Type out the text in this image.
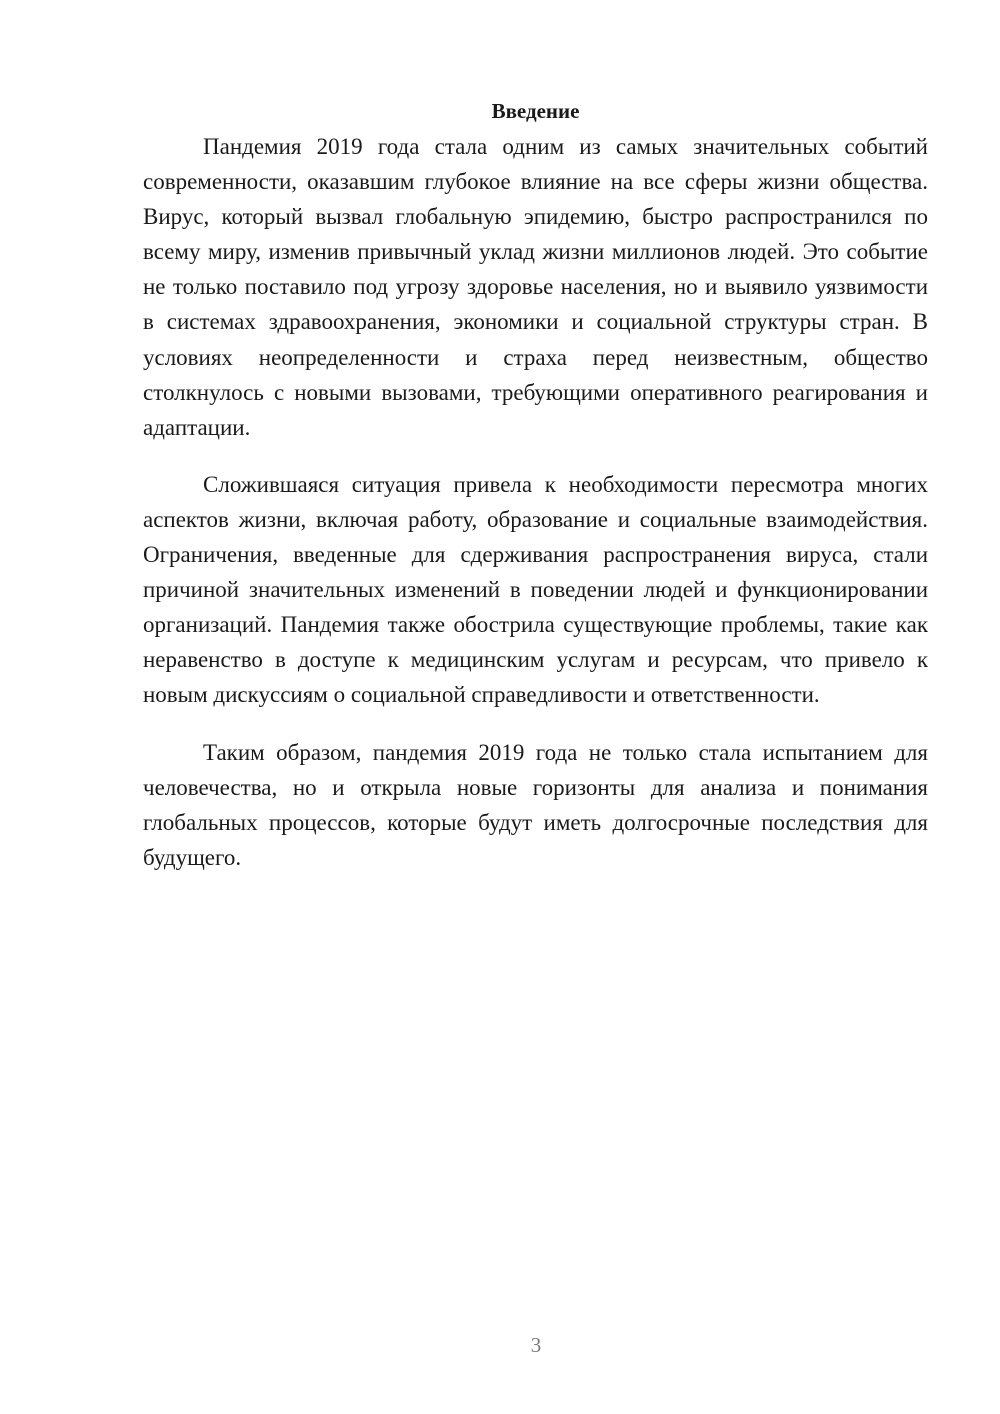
Введение

Пандемия 2019 года стала одним из самых значительных событий современности, оказавшим глубокое влияние на все сферы жизни общества. Вирус, который вызвал глобальную эпидемию, быстро распространился по всему миру, изменив привычный уклад жизни миллионов людей. Это событие не только поставило под угрозу здоровье населения, но и выявило уязвимости в системах здравоохранения, экономики и социальной структуры стран. В условиях неопределенности и страха перед неизвестным, общество столкнулось с новыми вызовами, требующими оперативного реагирования и адаптации.

Сложившаяся ситуация привела к необходимости пересмотра многих аспектов жизни, включая работу, образование и социальные взаимодействия. Ограничения, введенные для сдерживания распространения вируса, стали причиной значительных изменений в поведении людей и функционировании организаций. Пандемия также обострила существующие проблемы, такие как неравенство в доступе к медицинским услугам и ресурсам, что привело к новым дискуссиям о социальной справедливости и ответственности.

Таким образом, пандемия 2019 года не только стала испытанием для человечества, но и открыла новые горизонты для анализа и понимания глобальных процессов, которые будут иметь долгосрочные последствия для будущего.

3
